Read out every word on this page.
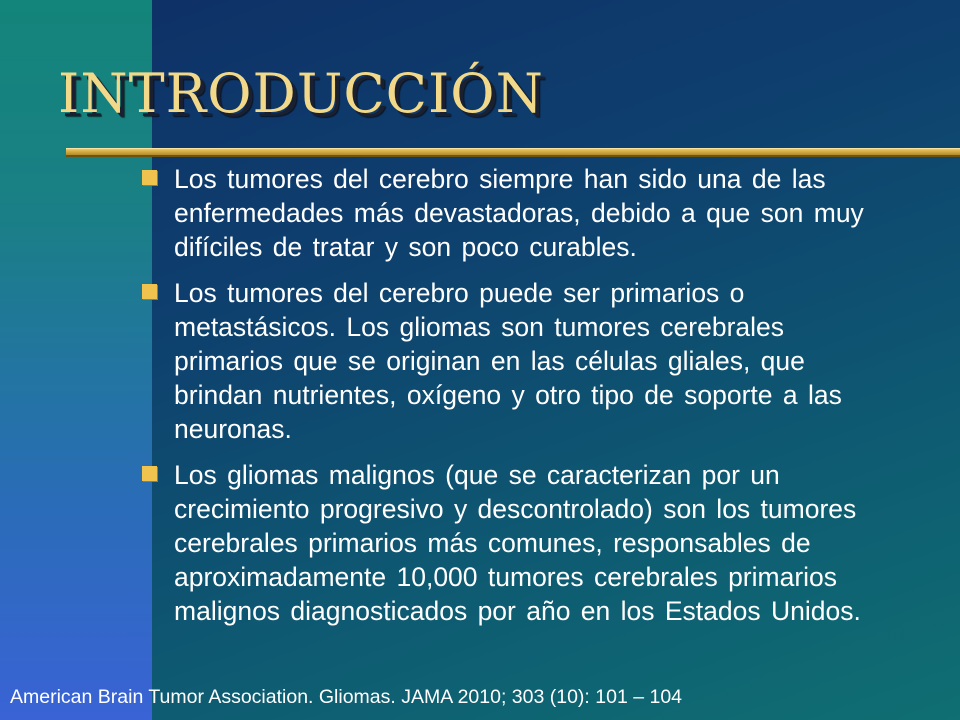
INTRODUCCIÓN
Los tumores del cerebro siempre han sido una de las enfermedades más devastadoras, debido a que son muy difíciles de tratar y son poco curables.
Los tumores del cerebro puede ser primarios o metastásicos. Los gliomas son tumores cerebrales primarios que se originan en las células gliales, que brindan nutrientes, oxígeno y otro tipo de soporte a las neuronas.
Los gliomas malignos (que se caracterizan por un crecimiento progresivo y descontrolado) son los tumores cerebrales primarios más comunes, responsables de aproximadamente 10,000 tumores cerebrales primarios malignos diagnosticados por año en los Estados Unidos.

American Brain Tumor Association. Gliomas. JAMA 2010; 303 (10): 101 – 104
